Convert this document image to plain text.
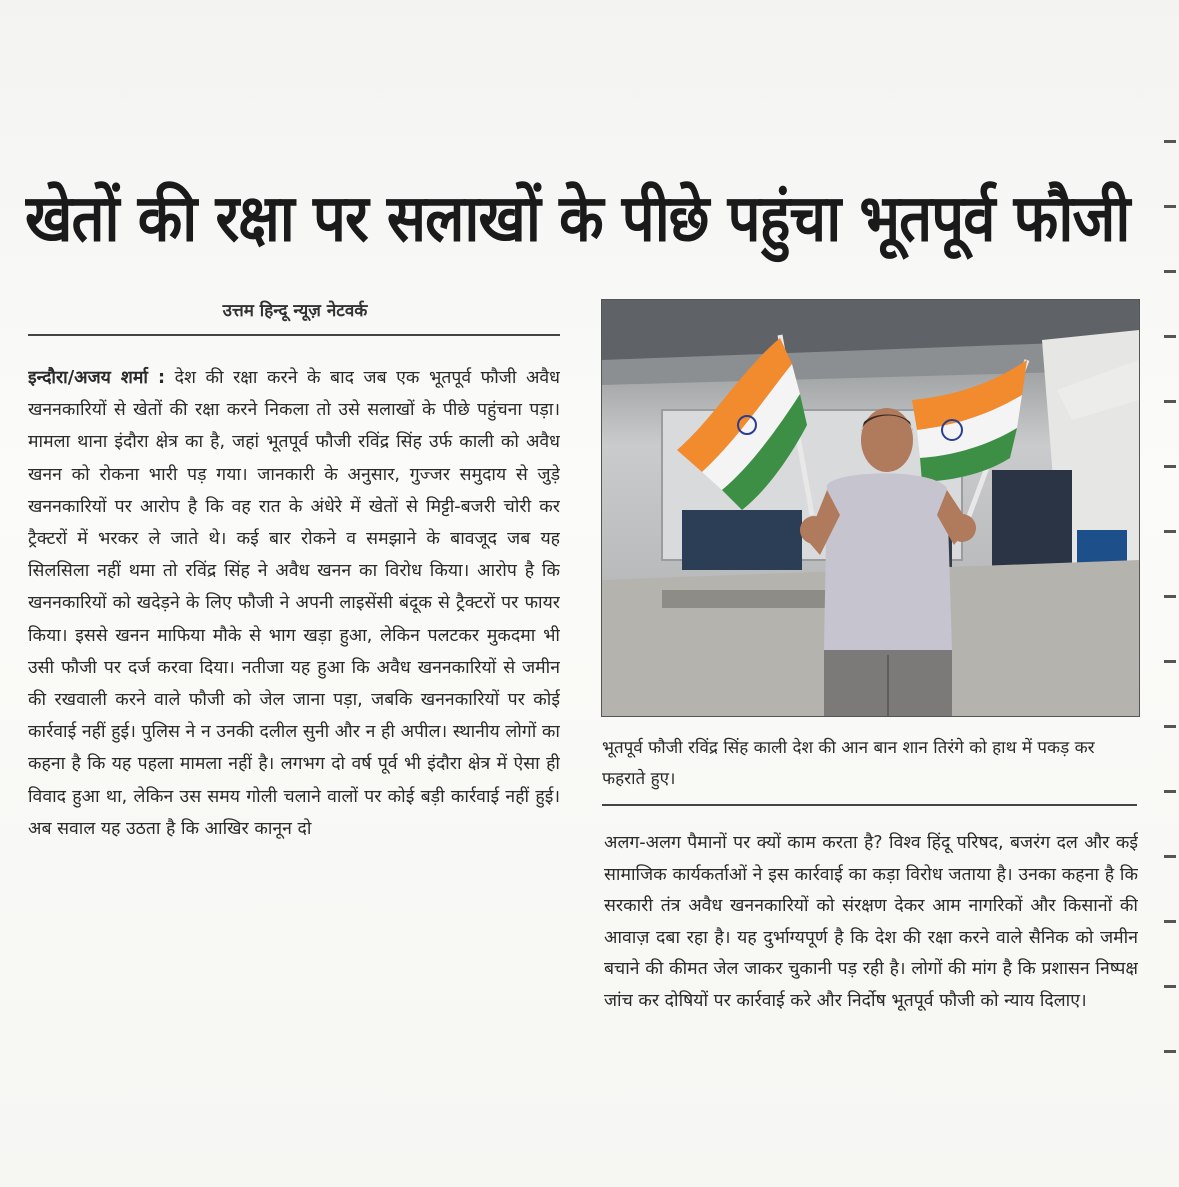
खेतों की रक्षा पर सलाखों के पीछे पहुंचा भूतपूर्व फौजी
उत्तम हिन्दू न्यूज़ नेटवर्क
इन्दौरा/अजय शर्मा : देश की रक्षा करने के बाद जब एक भूतपूर्व फौजी अवैध खननकारियों से खेतों की रक्षा करने निकला तो उसे सलाखों के पीछे पहुंचना पड़ा। मामला थाना इंदौरा क्षेत्र का है, जहां भूतपूर्व फौजी रविंद्र सिंह उर्फ काली को अवैध खनन को रोकना भारी पड़ गया। जानकारी के अनुसार, गुज्जर समुदाय से जुड़े खननकारियों पर आरोप है कि वह रात के अंधेरे में खेतों से मिट्टी-बजरी चोरी कर ट्रैक्टरों में भरकर ले जाते थे। कई बार रोकने व समझाने के बावजूद जब यह सिलसिला नहीं थमा तो रविंद्र सिंह ने अवैध खनन का विरोध किया। आरोप है कि खननकारियों को खदेड़ने के लिए फौजी ने अपनी लाइसेंसी बंदूक से ट्रैक्टरों पर फायर किया। इससे खनन माफिया मौके से भाग खड़ा हुआ, लेकिन पलटकर मुकदमा भी उसी फौजी पर दर्ज करवा दिया। नतीजा यह हुआ कि अवैध खननकारियों से जमीन की रखवाली करने वाले फौजी को जेल जाना पड़ा, जबकि खननकारियों पर कोई कार्रवाई नहीं हुई। पुलिस ने न उनकी दलील सुनी और न ही अपील। स्थानीय लोगों का कहना है कि यह पहला मामला नहीं है। लगभग दो वर्ष पूर्व भी इंदौरा क्षेत्र में ऐसा ही विवाद हुआ था, लेकिन उस समय गोली चलाने वालों पर कोई बड़ी कार्रवाई नहीं हुई। अब सवाल यह उठता है कि आखिर कानून दो
भूतपूर्व फौजी रविंद्र सिंह काली देश की आन बान शान तिरंगे को हाथ में पकड़ कर फहराते हुए।
अलग-अलग पैमानों पर क्यों काम करता है? विश्व हिंदू परिषद, बजरंग दल और कई सामाजिक कार्यकर्ताओं ने इस कार्रवाई का कड़ा विरोध जताया है। उनका कहना है कि सरकारी तंत्र अवैध खननकारियों को संरक्षण देकर आम नागरिकों और किसानों की आवाज़ दबा रहा है। यह दुर्भाग्यपूर्ण है कि देश की रक्षा करने वाले सैनिक को जमीन बचाने की कीमत जेल जाकर चुकानी पड़ रही है। लोगों की मांग है कि प्रशासन निष्पक्ष जांच कर दोषियों पर कार्रवाई करे और निर्दोष भूतपूर्व फौजी को न्याय दिलाए।
